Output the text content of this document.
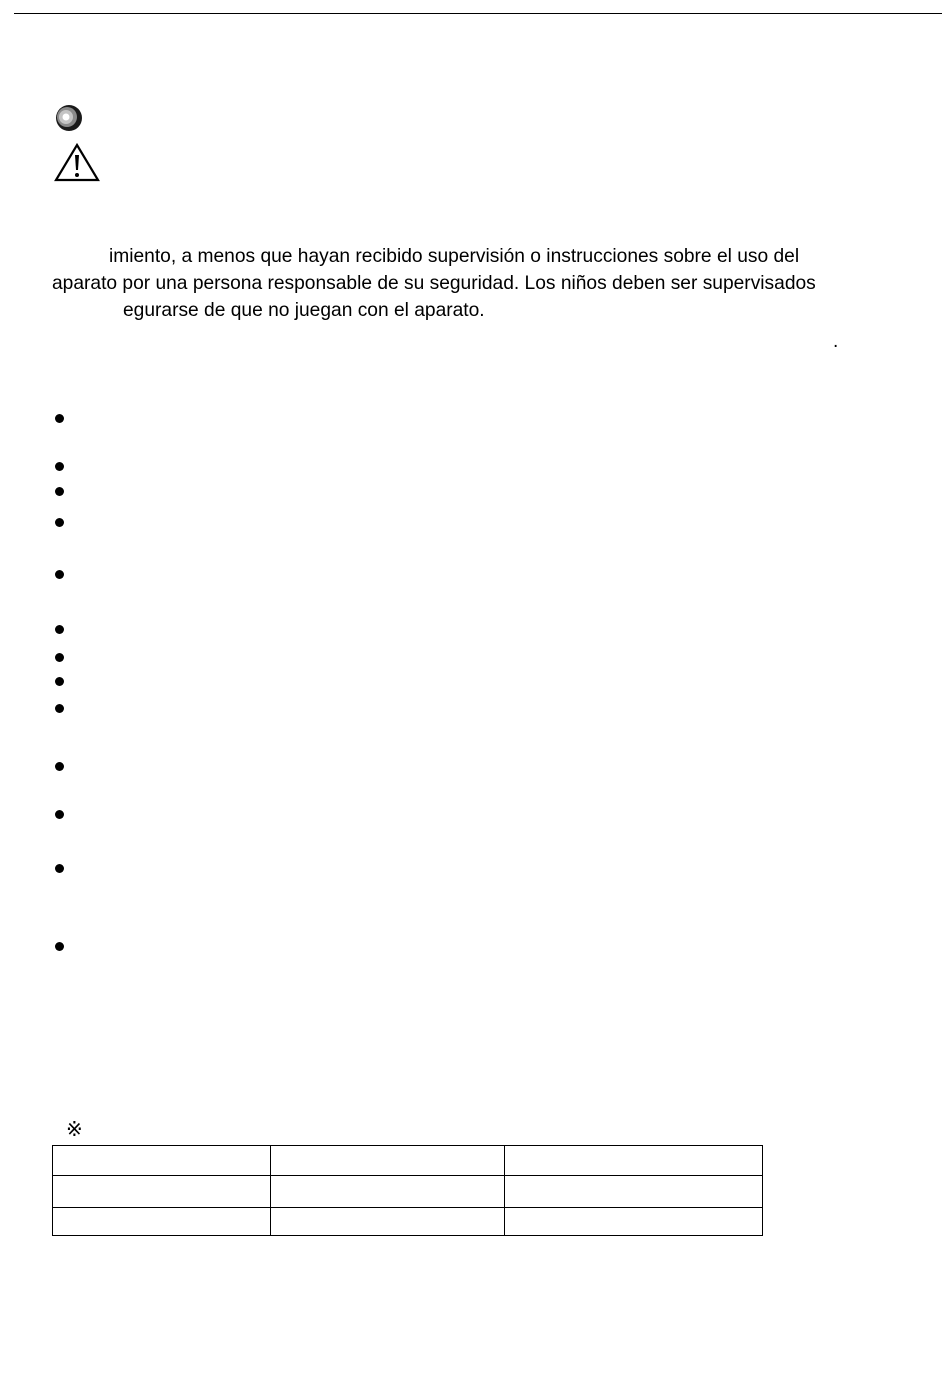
imiento, a menos que hayan recibido supervisión o instrucciones sobre el uso del
aparato por una persona responsable de su seguridad. Los niños deben ser supervisados
egurarse de que no juegan con el aparato.
.
※
